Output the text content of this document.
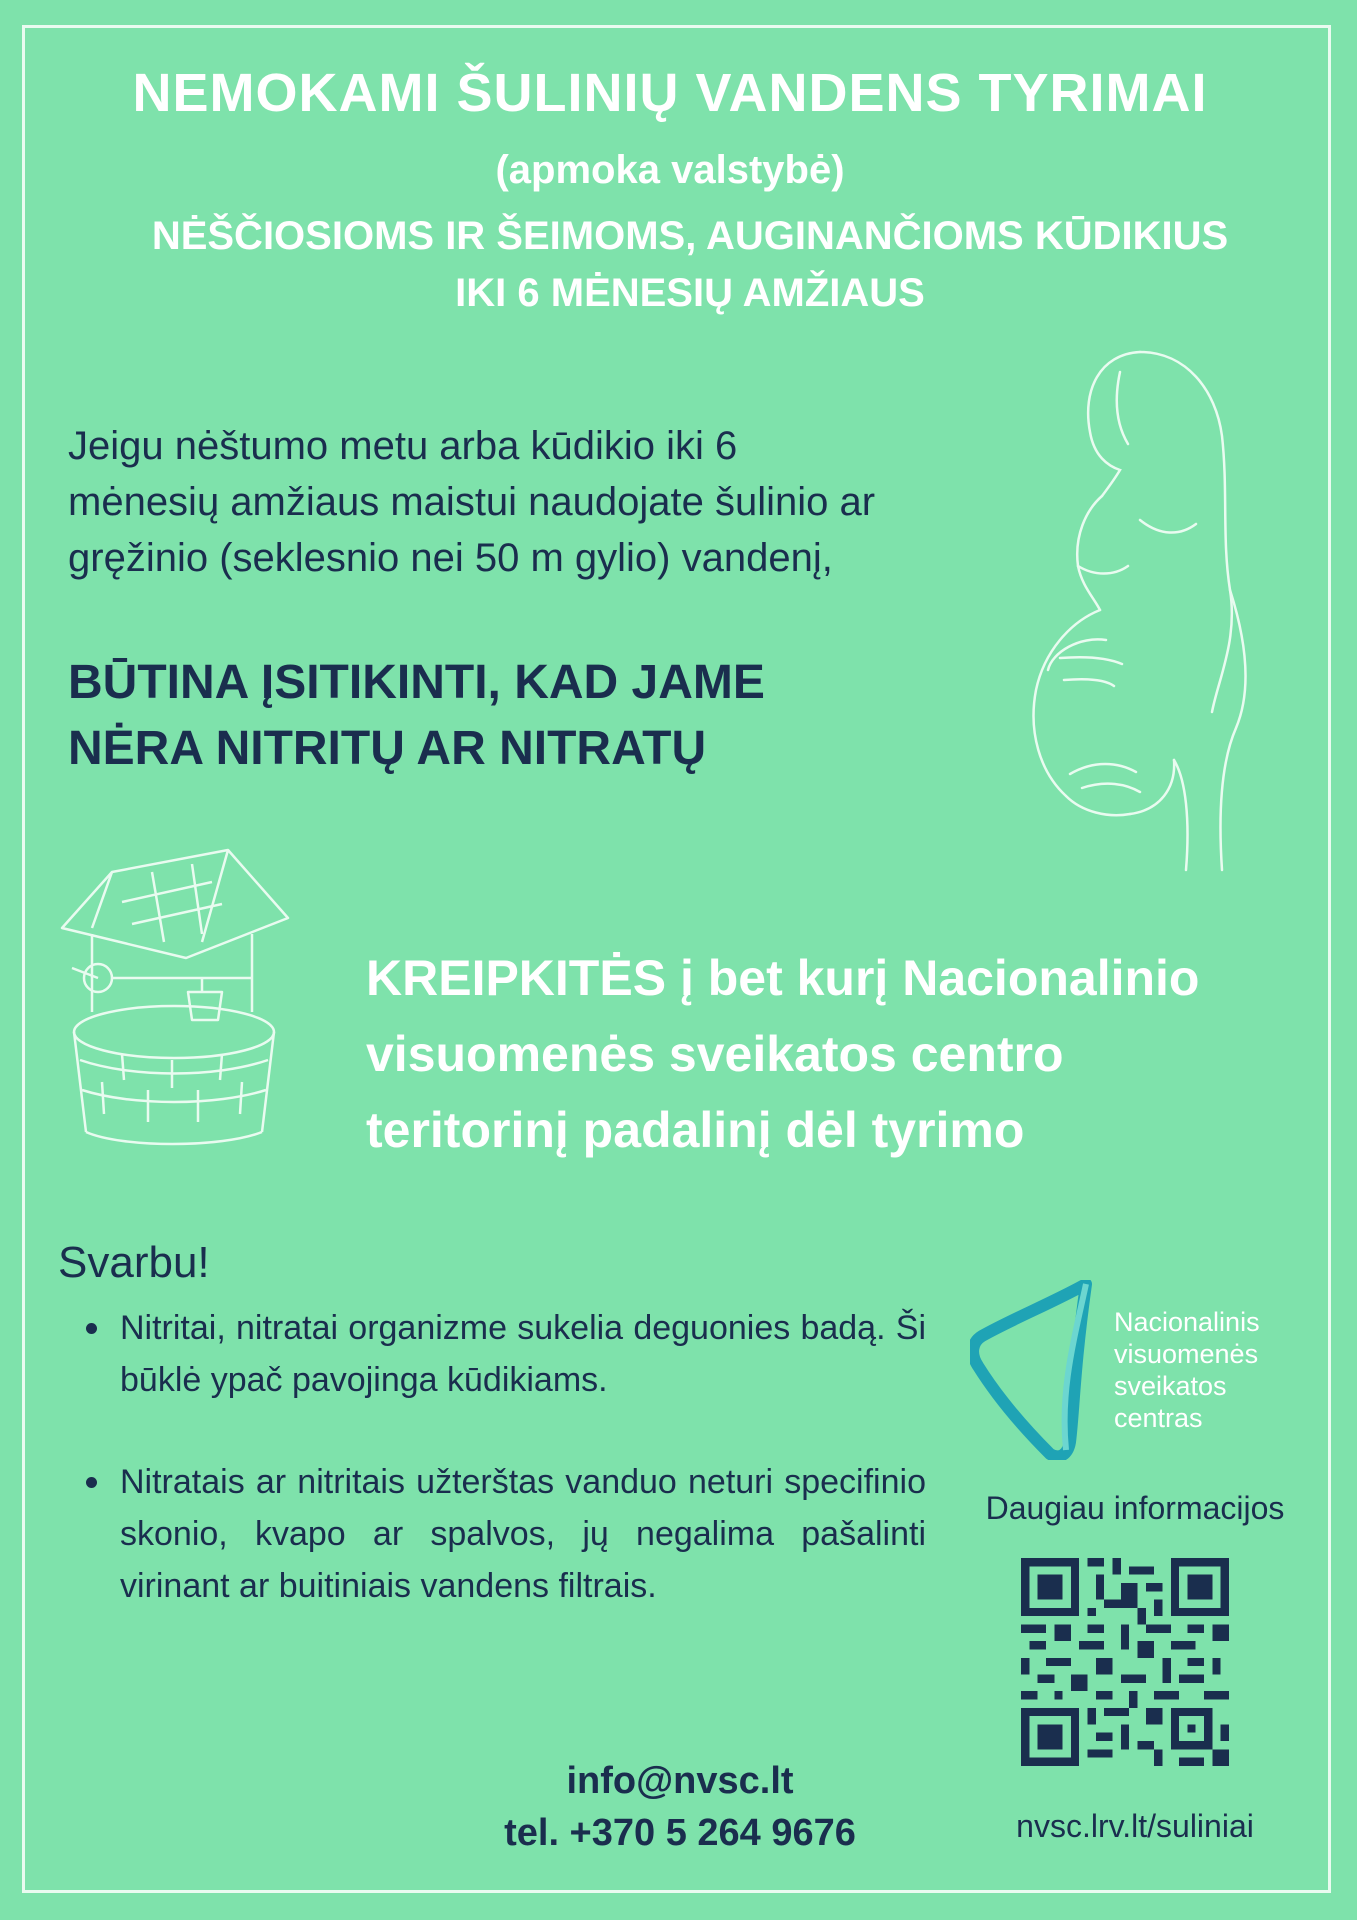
NEMOKAMI ŠULINIŲ VANDENS TYRIMAI
(apmoka valstybė)
NĖŠČIOSIOMS IR ŠEIMOMS, AUGINANČIOMS KŪDIKIUS
IKI 6 MĖNESIŲ AMŽIAUS
Jeigu nėštumo metu arba kūdikio iki 6
mėnesių amžiaus maistui naudojate šulinio ar
gręžinio (seklesnio nei 50 m gylio) vandenį,
BŪTINA ĮSITIKINTI, KAD JAME
NĖRA NITRITŲ AR NITRATŲ
KREIPKITĖS į bet kurį Nacionalinio
visuomenės sveikatos centro
teritorinį padalinį dėl tyrimo
Svarbu!
Nitritai, nitratai organizme sukelia deguonies badą. Ši būklė ypač pavojinga kūdikiams.
Nitratais ar nitritais užterštas vanduo neturi specifinio skonio, kvapo ar spalvos, jų negalima pašalinti virinant ar buitiniais vandens filtrais.
info@nvsc.lt
tel. +370 5 264 9676
Nacionalinis
visuomenės
sveikatos
centras
Daugiau informacijos
nvsc.lrv.lt/suliniai
